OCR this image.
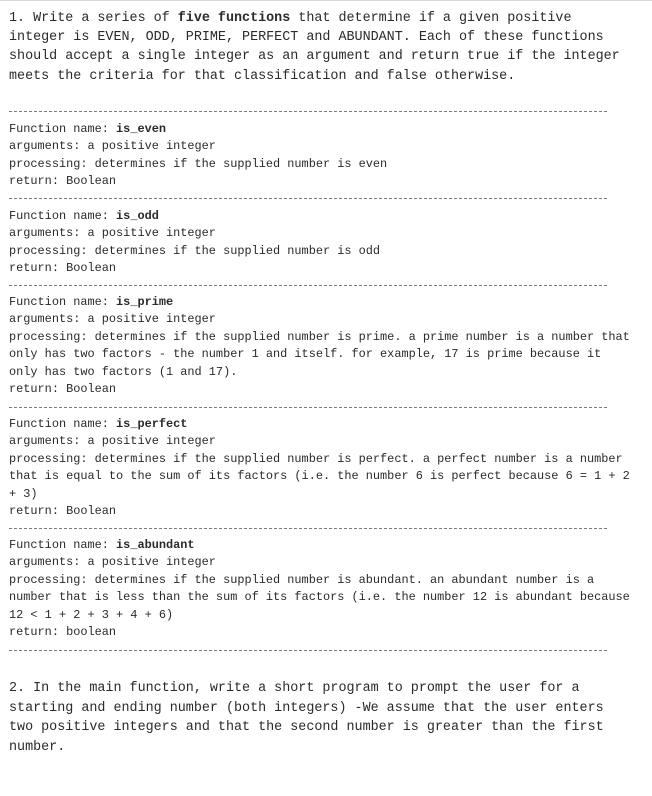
1. Write a series of five functions that determine if a given positive integer is EVEN, ODD, PRIME, PERFECT and ABUNDANT. Each of these functions should accept a single integer as an argument and return true if the integer meets the criteria for that classification and false otherwise.

Function name: is_even
arguments: a positive integer
processing: determines if the supplied number is even
return: Boolean
Function name: is_odd
arguments: a positive integer
processing: determines if the supplied number is odd
return: Boolean
Function name: is_prime
arguments: a positive integer
processing: determines if the supplied number is prime. a prime number is a number that only has two factors - the number 1 and itself. for example, 17 is prime because it only has two factors (1 and 17).
return: Boolean
Function name: is_perfect
arguments: a positive integer
processing: determines if the supplied number is perfect. a perfect number is a number that is equal to the sum of its factors (i.e. the number 6 is perfect because 6 = 1 + 2 + 3)
return: Boolean
Function name: is_abundant
arguments: a positive integer
processing: determines if the supplied number is abundant. an abundant number is a number that is less than the sum of its factors (i.e. the number 12 is abundant because 12 < 1 + 2 + 3 + 4 + 6)
return: boolean

2. In the main function, write a short program to prompt the user for a starting and ending number (both integers) -We assume that the user enters two positive integers and that the second number is greater than the first number.
